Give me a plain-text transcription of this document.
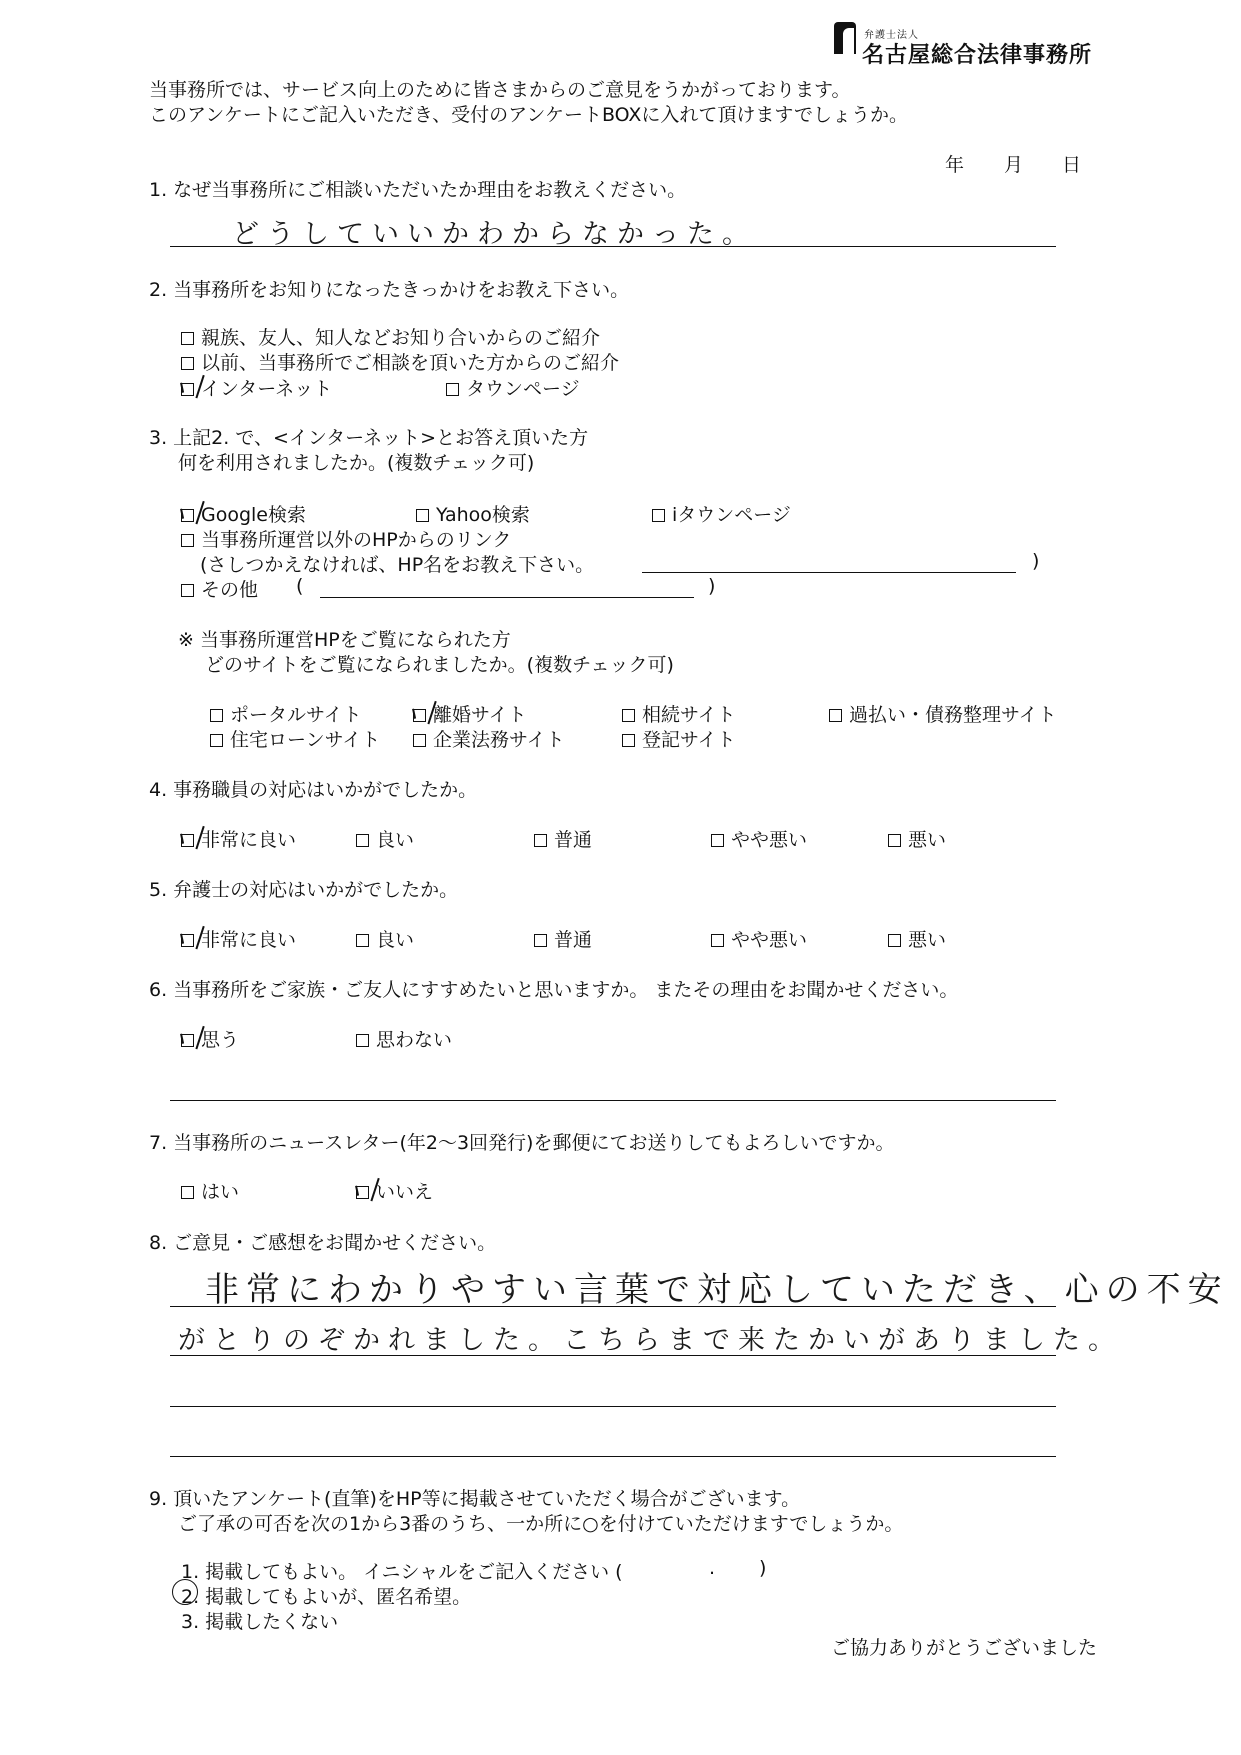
弁護士法人
名古屋総合法律事務所
当事務所では、サービス向上のために皆さまからのご意見をうかがっております。
このアンケートにご記入いただき、受付のアンケートBOXに入れて頂けますでしょうか。
年 月 日
1. なぜ当事務所にご相談いただいたか理由をお教えください。
どうしていいかわからなかった。
2. 当事務所をお知りになったきっかけをお教え下さい。
親族、友人、知人などお知り合いからのご紹介
以前、当事務所でご相談を頂いた方からのご紹介
インターネット	タウンページ
3. 上記2. で、<インターネット>とお答え頂いた方
何を利用されましたか。(複数チェック可)
Google検索	Yahoo検索	iタウンページ
当事務所運営以外のHPからのリンク
(さしつかえなければ、HP名をお教え下さい。	)
その他 (	)
※ 当事務所運営HPをご覧になられた方
どのサイトをご覧になられましたか。(複数チェック可)
ポータルサイト	離婚サイト	相続サイト	過払い・債務整理サイト
住宅ローンサイト	企業法務サイト	登記サイト
4. 事務職員の対応はいかがでしたか。
非常に良い	良い	普通	やや悪い	悪い
5. 弁護士の対応はいかがでしたか。
非常に良い	良い	普通	やや悪い	悪い
6. 当事務所をご家族・ご友人にすすめたいと思いますか。 またその理由をお聞かせください。
思う	思わない
7. 当事務所のニュースレター(年2〜3回発行)を郵便にてお送りしてもよろしいですか。
はい	いいえ
8. ご意見・ご感想をお聞かせください。
非常にわかりやすい言葉で対応していただき、心の不安
がとりのぞかれました。こちらまで来たかいがありました。
9. 頂いたアンケート(直筆)をHP等に掲載させていただく場合がございます。
ご了承の可否を次の1から3番のうち、一か所に○を付けていただけますでしょうか。
1. 掲載してもよい。 イニシャルをご記入ください (	. )
2. 掲載してもよいが、匿名希望。
3. 掲載したくない
ご協力ありがとうございました
